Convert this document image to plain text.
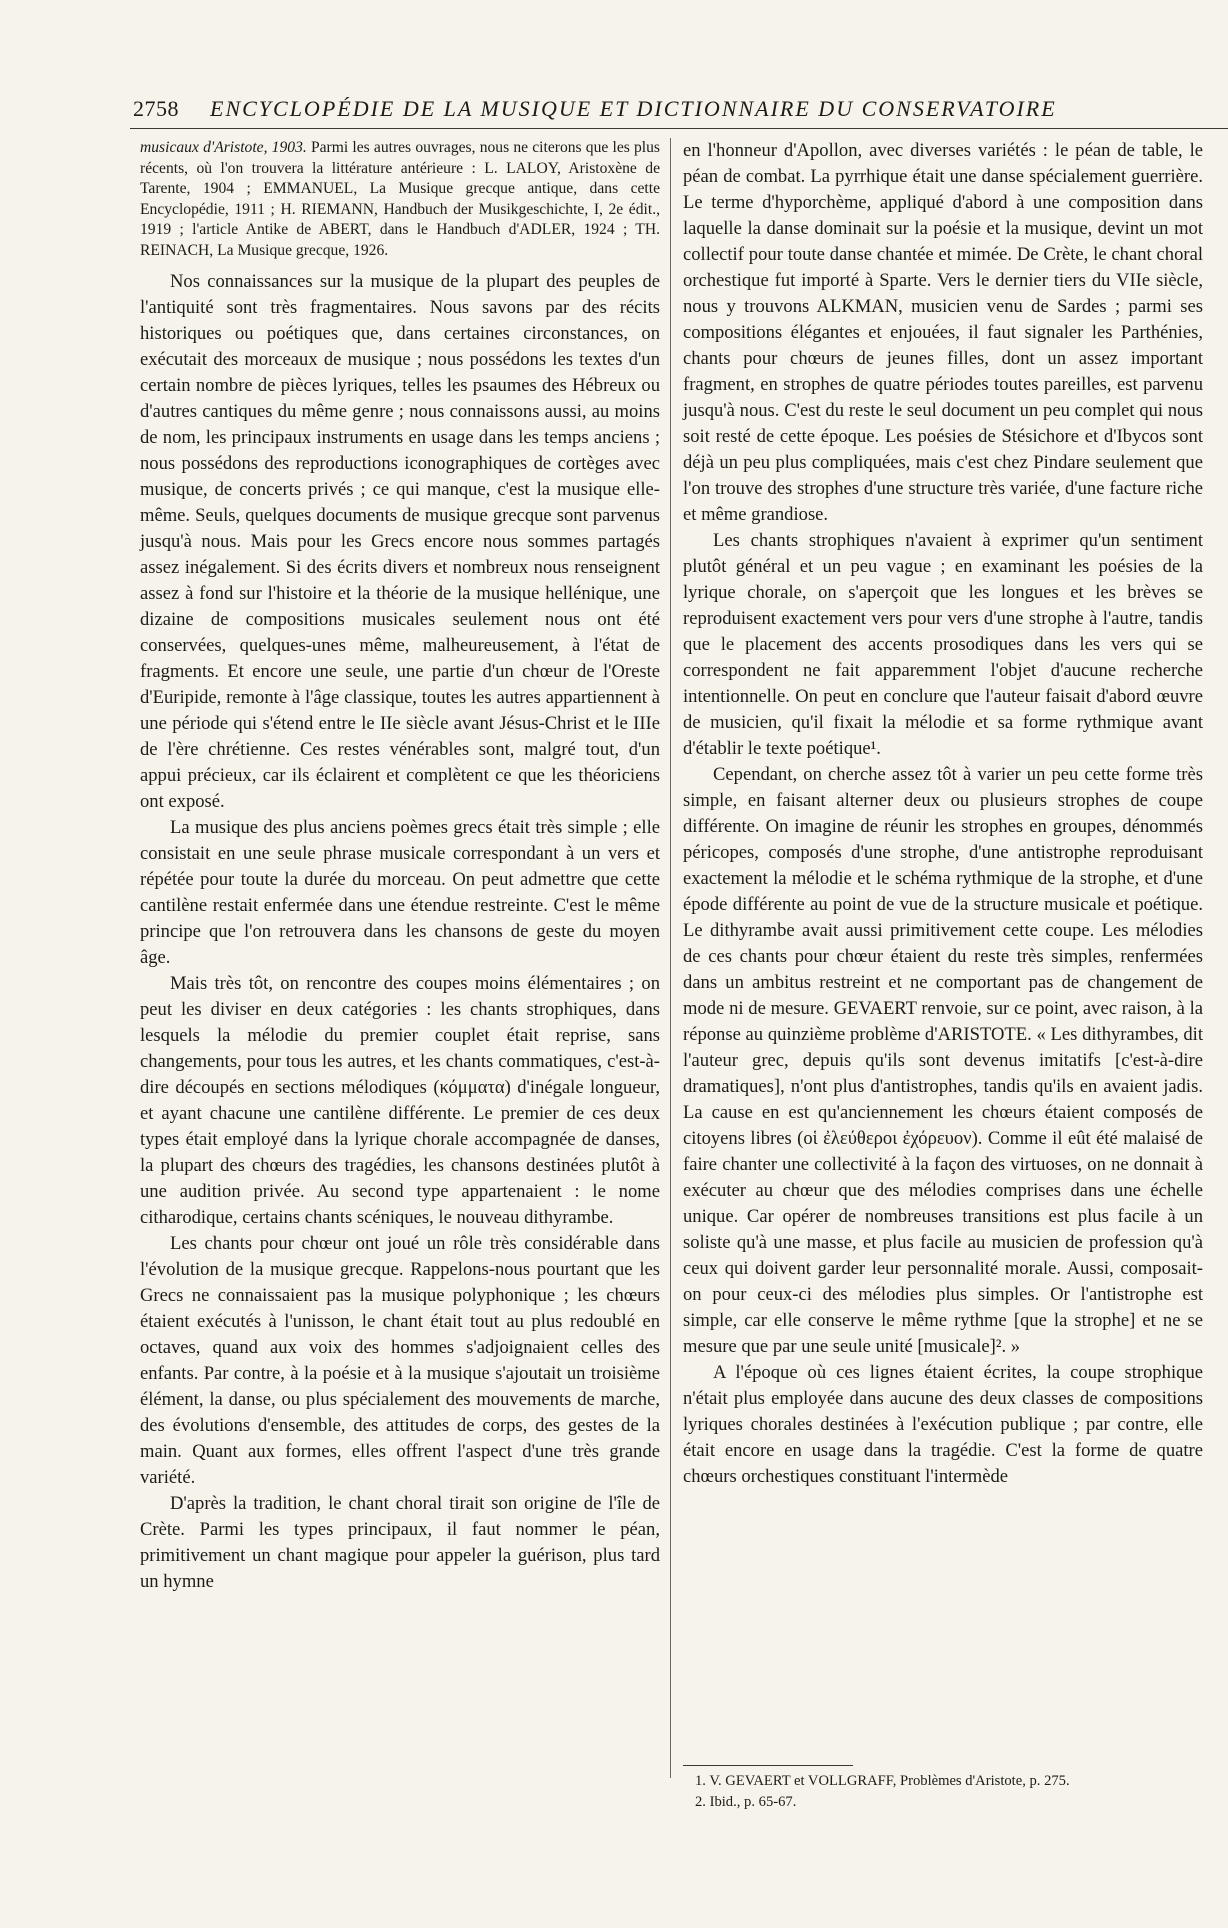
2758 ENCYCLOPÉDIE DE LA MUSIQUE ET DICTIONNAIRE DU CONSERVATOIRE

musicaux d'Aristote, 1903. Parmi les autres ouvrages, nous ne citerons que les plus récents, où l'on trouvera la littérature antérieure : L. LALOY, Aristoxène de Tarente, 1904 ; EMMANUEL, La Musique grecque antique, dans cette Encyclopédie, 1911 ; H. RIEMANN, Handbuch der Musikgeschichte, I, 2e édit., 1919 ; l'article Antike de ABERT, dans le Handbuch d'ADLER, 1924 ; TH. REINACH, La Musique grecque, 1926.

Nos connaissances sur la musique de la plupart des peuples de l'antiquité sont très fragmentaires. Nous savons par des récits historiques ou poétiques que, dans certaines circonstances, on exécutait des morceaux de musique ; nous possédons les textes d'un certain nombre de pièces lyriques, telles les psaumes des Hébreux ou d'autres cantiques du même genre ; nous connaissons aussi, au moins de nom, les principaux instruments en usage dans les temps anciens ; nous possédons des reproductions iconographiques de cortèges avec musique, de concerts privés ; ce qui manque, c'est la musique elle-même. Seuls, quelques documents de musique grecque sont parvenus jusqu'à nous. Mais pour les Grecs encore nous sommes partagés assez inégalement. Si des écrits divers et nombreux nous renseignent assez à fond sur l'histoire et la théorie de la musique hellénique, une dizaine de compositions musicales seulement nous ont été conservées, quelques-unes même, malheureusement, à l'état de fragments. Et encore une seule, une partie d'un chœur de l'Oreste d'Euripide, remonte à l'âge classique, toutes les autres appartiennent à une période qui s'étend entre le IIe siècle avant Jésus-Christ et le IIIe de l'ère chrétienne. Ces restes vénérables sont, malgré tout, d'un appui précieux, car ils éclairent et complètent ce que les théoriciens ont exposé.

La musique des plus anciens poèmes grecs était très simple ; elle consistait en une seule phrase musicale correspondant à un vers et répétée pour toute la durée du morceau. On peut admettre que cette cantilène restait enfermée dans une étendue restreinte. C'est le même principe que l'on retrouvera dans les chansons de geste du moyen âge.

Mais très tôt, on rencontre des coupes moins élémentaires ; on peut les diviser en deux catégories : les chants strophiques, dans lesquels la mélodie du premier couplet était reprise, sans changements, pour tous les autres, et les chants commatiques, c'est-à-dire découpés en sections mélodiques (κόμματα) d'inégale longueur, et ayant chacune une cantilène différente. Le premier de ces deux types était employé dans la lyrique chorale accompagnée de danses, la plupart des chœurs des tragédies, les chansons destinées plutôt à une audition privée. Au second type appartenaient : le nome citharodique, certains chants scéniques, le nouveau dithyrambe.

Les chants pour chœur ont joué un rôle très considérable dans l'évolution de la musique grecque. Rappelons-nous pourtant que les Grecs ne connaissaient pas la musique polyphonique ; les chœurs étaient exécutés à l'unisson, le chant était tout au plus redoublé en octaves, quand aux voix des hommes s'adjoignaient celles des enfants. Par contre, à la poésie et à la musique s'ajoutait un troisième élément, la danse, ou plus spécialement des mouvements de marche, des évolutions d'ensemble, des attitudes de corps, des gestes de la main. Quant aux formes, elles offrent l'aspect d'une très grande variété.

D'après la tradition, le chant choral tirait son origine de l'île de Crète. Parmi les types principaux, il faut nommer le péan, primitivement un chant magique pour appeler la guérison, plus tard un hymne

en l'honneur d'Apollon, avec diverses variétés : le péan de table, le péan de combat. La pyrrhique était une danse spécialement guerrière. Le terme d'hyporchème, appliqué d'abord à une composition dans laquelle la danse dominait sur la poésie et la musique, devint un mot collectif pour toute danse chantée et mimée. De Crète, le chant choral orchestique fut importé à Sparte. Vers le dernier tiers du VIIe siècle, nous y trouvons ALKMAN, musicien venu de Sardes ; parmi ses compositions élégantes et enjouées, il faut signaler les Parthénies, chants pour chœurs de jeunes filles, dont un assez important fragment, en strophes de quatre périodes toutes pareilles, est parvenu jusqu'à nous. C'est du reste le seul document un peu complet qui nous soit resté de cette époque. Les poésies de Stésichore et d'Ibycos sont déjà un peu plus compliquées, mais c'est chez Pindare seulement que l'on trouve des strophes d'une structure très variée, d'une facture riche et même grandiose.

Les chants strophiques n'avaient à exprimer qu'un sentiment plutôt général et un peu vague ; en examinant les poésies de la lyrique chorale, on s'aperçoit que les longues et les brèves se reproduisent exactement vers pour vers d'une strophe à l'autre, tandis que le placement des accents prosodiques dans les vers qui se correspondent ne fait apparemment l'objet d'aucune recherche intentionnelle. On peut en conclure que l'auteur faisait d'abord œuvre de musicien, qu'il fixait la mélodie et sa forme rythmique avant d'établir le texte poétique¹.

Cependant, on cherche assez tôt à varier un peu cette forme très simple, en faisant alterner deux ou plusieurs strophes de coupe différente. On imagine de réunir les strophes en groupes, dénommés péricopes, composés d'une strophe, d'une antistrophe reproduisant exactement la mélodie et le schéma rythmique de la strophe, et d'une épode différente au point de vue de la structure musicale et poétique. Le dithyrambe avait aussi primitivement cette coupe. Les mélodies de ces chants pour chœur étaient du reste très simples, renfermées dans un ambitus restreint et ne comportant pas de changement de mode ni de mesure. GEVAERT renvoie, sur ce point, avec raison, à la réponse au quinzième problème d'ARISTOTE. « Les dithyrambes, dit l'auteur grec, depuis qu'ils sont devenus imitatifs [c'est-à-dire dramatiques], n'ont plus d'antistrophes, tandis qu'ils en avaient jadis. La cause en est qu'anciennement les chœurs étaient composés de citoyens libres (οἱ ἐλεύθεροι ἐχόρευον). Comme il eût été malaisé de faire chanter une collectivité à la façon des virtuoses, on ne donnait à exécuter au chœur que des mélodies comprises dans une échelle unique. Car opérer de nombreuses transitions est plus facile à un soliste qu'à une masse, et plus facile au musicien de profession qu'à ceux qui doivent garder leur personnalité morale. Aussi, composait-on pour ceux-ci des mélodies plus simples. Or l'antistrophe est simple, car elle conserve le même rythme [que la strophe] et ne se mesure que par une seule unité [musicale]². »

A l'époque où ces lignes étaient écrites, la coupe strophique n'était plus employée dans aucune des deux classes de compositions lyriques chorales destinées à l'exécution publique ; par contre, elle était encore en usage dans la tragédie. C'est la forme de quatre chœurs orchestiques constituant l'intermède

1. V. GEVAERT et VOLLGRAFF, Problèmes d'Aristote, p. 275.

2. Ibid., p. 65-67.
